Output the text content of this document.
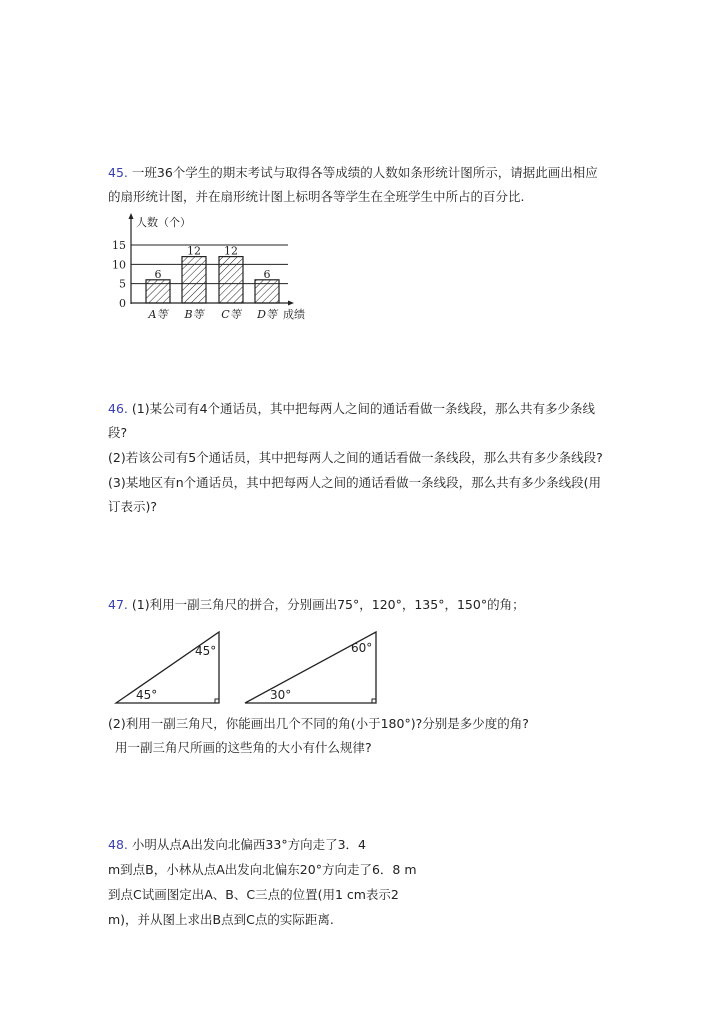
45. 一班36个学生的期末考试与取得各等成绩的人数如条形统计图所示，请据此画出相应
的扇形统计图，并在扇形统计图上标明各等学生在全班学生中所占的百分比.
6
12 12
6
人数（个）
成绩
0
5
10
15
A等 B等 C等 D等
46. (1)某公司有4个通话员，其中把每两人之间的通话看做一条线段，那么共有多少条线
段?
(2)若该公司有5个通话员，其中把每两人之间的通话看做一条线段，那么共有多少条线段?
(3)某地区有n个通话员，其中把每两人之间的通话看做一条线段，那么共有多少条线段(用
订表示)?
47. (1)利用一副三角尺的拼合，分别画出75°，120°，135°，150°的角；
45°
45°
60°
30°
(2)利用一副三角尺，你能画出几个不同的角(小于180°)?分别是多少度的角?
用一副三角尺所画的这些角的大小有什么规律?
48. 小明从点A出发向北偏西33°方向走了3．4
m到点B，小林从点A出发向北偏东20°方向走了6．8 m
到点C试画图定出A、B、C三点的位置(用1 cm表示2
m)，并从图上求出B点到C点的实际距离.
